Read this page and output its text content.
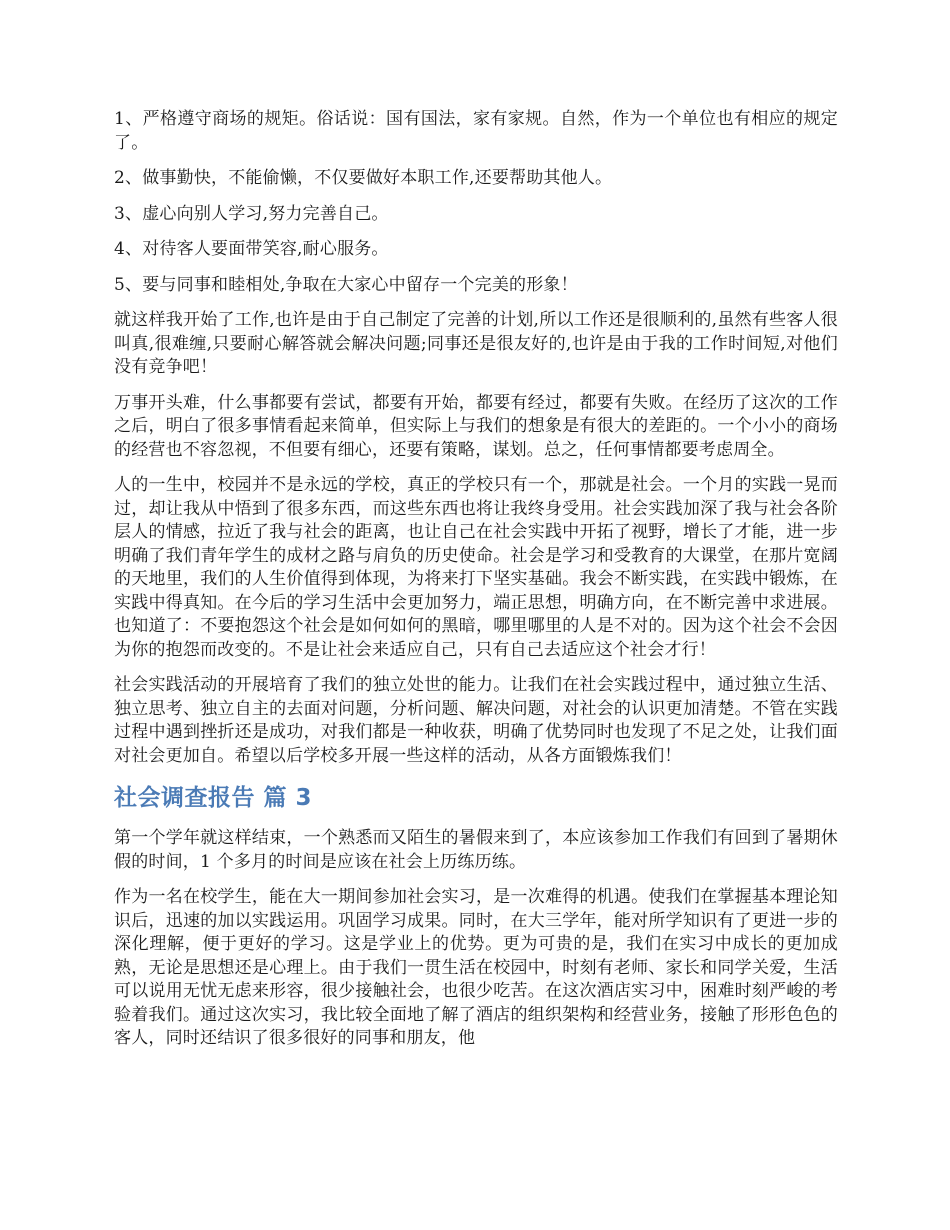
1、严格遵守商场的规矩。俗话说：国有国法，家有家规。自然，作为一个单位也有相应的规定了。

2、做事勤快，不能偷懒，不仅要做好本职工作,还要帮助其他人。

3、虚心向别人学习,努力完善自己。

4、对待客人要面带笑容,耐心服务。

5、要与同事和睦相处,争取在大家心中留存一个完美的形象！

就这样我开始了工作,也许是由于自己制定了完善的计划,所以工作还是很顺利的,虽然有些客人很叫真,很难缠,只要耐心解答就会解决问题;同事还是很友好的,也许是由于我的工作时间短,对他们没有竞争吧！

万事开头难，什么事都要有尝试，都要有开始，都要有经过，都要有失败。在经历了这次的工作之后，明白了很多事情看起来简单，但实际上与我们的想象是有很大的差距的。一个小小的商场的经营也不容忽视，不但要有细心，还要有策略，谋划。总之，任何事情都要考虑周全。

人的一生中，校园并不是永远的学校，真正的学校只有一个，那就是社会。一个月的实践一晃而过，却让我从中悟到了很多东西，而这些东西也将让我终身受用。社会实践加深了我与社会各阶层人的情感，拉近了我与社会的距离，也让自己在社会实践中开拓了视野，增长了才能，进一步明确了我们青年学生的成材之路与肩负的历史使命。社会是学习和受教育的大课堂，在那片宽阔的天地里，我们的人生价值得到体现，为将来打下坚实基础。我会不断实践，在实践中锻炼，在实践中得真知。在今后的学习生活中会更加努力，端正思想，明确方向，在不断完善中求进展。也知道了：不要抱怨这个社会是如何如何的黑暗，哪里哪里的人是不对的。因为这个社会不会因为你的抱怨而改变的。不是让社会来适应自己，只有自己去适应这个社会才行！

社会实践活动的开展培育了我们的独立处世的能力。让我们在社会实践过程中，通过独立生活、独立思考、独立自主的去面对问题，分析问题、解决问题，对社会的认识更加清楚。不管在实践过程中遇到挫折还是成功，对我们都是一种收获，明确了优势同时也发现了不足之处，让我们面对社会更加自。希望以后学校多开展一些这样的活动，从各方面锻炼我们！

社会调查报告 篇 3

第一个学年就这样结束，一个熟悉而又陌生的暑假来到了，本应该参加工作我们有回到了暑期休假的时间，1 个多月的时间是应该在社会上历练历练。

作为一名在校学生，能在大一期间参加社会实习，是一次难得的机遇。使我们在掌握基本理论知识后，迅速的加以实践运用。巩固学习成果。同时，在大三学年，能对所学知识有了更进一步的深化理解，便于更好的学习。这是学业上的优势。更为可贵的是，我们在实习中成长的更加成熟，无论是思想还是心理上。由于我们一贯生活在校园中，时刻有老师、家长和同学关爱，生活可以说用无忧无虑来形容，很少接触社会，也很少吃苦。在这次酒店实习中，困难时刻严峻的考验着我们。通过这次实习，我比较全面地了解了酒店的组织架构和经营业务，接触了形形色色的客人，同时还结识了很多很好的同事和朋友，他
